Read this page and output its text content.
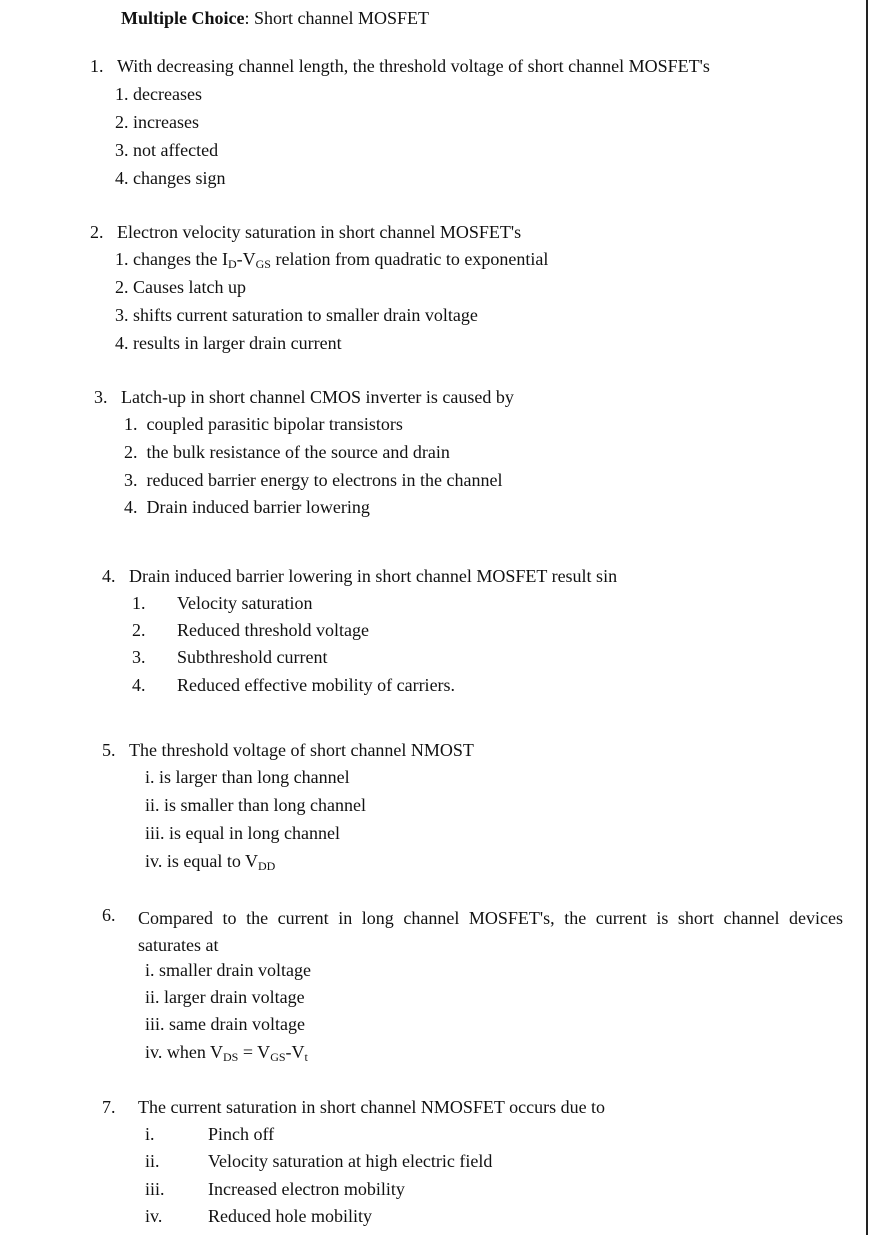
Multiple Choice: Short channel MOSFET
1. With decreasing channel length, the threshold voltage of short channel MOSFET's
1. decreases
2. increases
3. not affected
4. changes sign
2. Electron velocity saturation in short channel MOSFET's
1. changes the $I_D-V_{GS}$ relation from quadratic to exponential
2. Causes latch up
3. shifts current saturation to smaller drain voltage
4. results in larger drain current
3. Latch-up in short channel CMOS inverter is caused by
1. coupled parasitic bipolar transistors
2. the bulk resistance of the source and drain
3. reduced barrier energy to electrons in the channel
4. Drain induced barrier lowering
4. Drain induced barrier lowering in short channel MOSFET result sin
1. Velocity saturation
2. Reduced threshold voltage
3. Subthreshold current
4. Reduced effective mobility of carriers.
5. The threshold voltage of short channel NMOST
i. is larger than long channel
ii. is smaller than long channel
iii. is equal in long channel
iv. is equal to $V_{DD}$
6. Compared to the current in long channel MOSFET's, the current is short channel devices saturates at
i. smaller drain voltage
ii. larger drain voltage
iii. same drain voltage
iv. when $V_{DS} = V_{GS}-V_t$
7. The current saturation in short channel NMOSFET occurs due to
i.	Pinch off
ii.	Velocity saturation at high electric field
iii. Increased electron mobility
iv.	Reduced hole mobility
